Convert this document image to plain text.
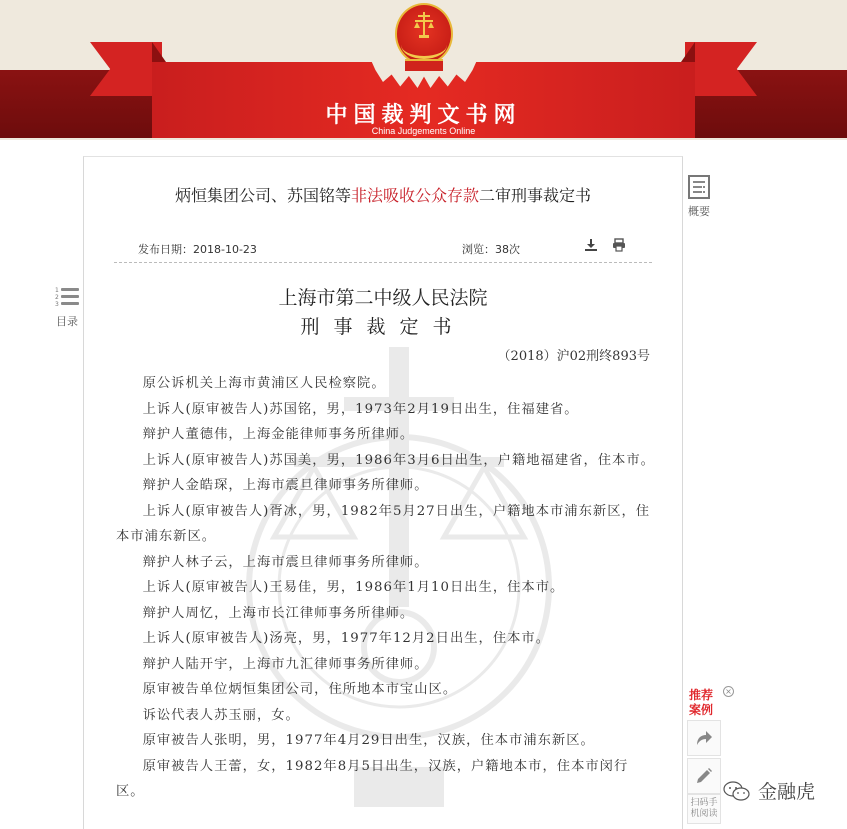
中国裁判文书网
China Judgements Online
1
2
3
目录
炳恒集团公司、苏国铭等非法吸收公众存款二审刑事裁定书
发布日期：2018-10-23	浏览：38次
上海市第二中级人民法院
刑事裁定书
（2018）沪02刑终893号

原公诉机关上海市黄浦区人民检察院。

上诉人(原审被告人)苏国铭，男，1973年2月19日出生，住福建省。

辩护人董德伟，上海金能律师事务所律师。

上诉人(原审被告人)苏国美，男，1986年3月6日出生，户籍地福建省，住本市。

辩护人金皓琛，上海市震旦律师事务所律师。

上诉人(原审被告人)胥冰，男，1982年5月27日出生，户籍地本市浦东新区，住本市浦东新区。

辩护人林子云，上海市震旦律师事务所律师。

上诉人(原审被告人)王易佳，男，1986年1月10日出生，住本市。

辩护人周忆，上海市长江律师事务所律师。

上诉人(原审被告人)汤亮，男，1977年12月2日出生，住本市。

辩护人陆开宇，上海市九汇律师事务所律师。

原审被告单位炳恒集团公司，住所地本市宝山区。

诉讼代表人苏玉丽，女。

原审被告人张明，男，1977年4月29日出生，汉族，住本市浦东新区。

原审被告人王蕾，女，1982年8月5日出生，汉族，户籍地本市，住本市闵行区。

概要
推荐
案例
×
扫码手
机阅读
金融虎
